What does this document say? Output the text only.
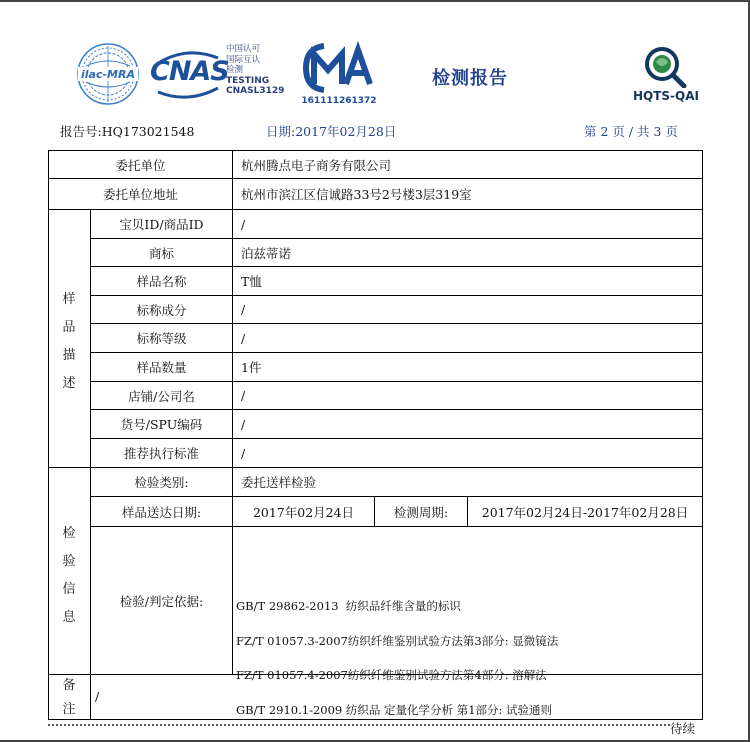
ilac-MRA CNAS
中国认可
国际互认
检测
TESTING
CNASL3129
161111261372
检测报告
HQTS-QAI
报告号:HQ173021548	日期:2017年02月28日	第 2 页 / 共 3 页
委托单位	杭州腾点电子商务有限公司
委托单位地址	杭州市滨江区信诚路33号2号楼3层319室
样
品
描
述
宝贝ID/商品ID	/
商标	泊兹蒂诺
样品名称	T恤
标称成分	/
标称等级	/
样品数量	1件
店铺/公司名	/
货号/SPU编码	/
推荐执行标准	/
检
验
信
息
检验类别:	委托送样检验
样品送达日期:	2017年02月24日	检测周期:	2017年02月24日-2017年02月28日
检验/判定依据:

	GB/T 29862-2013  纺织品纤维含量的标识

FZ/T 01057.3-2007纺织纤维鉴别试验方法第3部分: 显微镜法

FZ/T 01057.4-2007纺织纤维鉴别试验方法第4部分: 溶解法

GB/T 2910.1-2009 纺织品 定量化学分析 第1部分: 试验通则

备
注
/
待续
